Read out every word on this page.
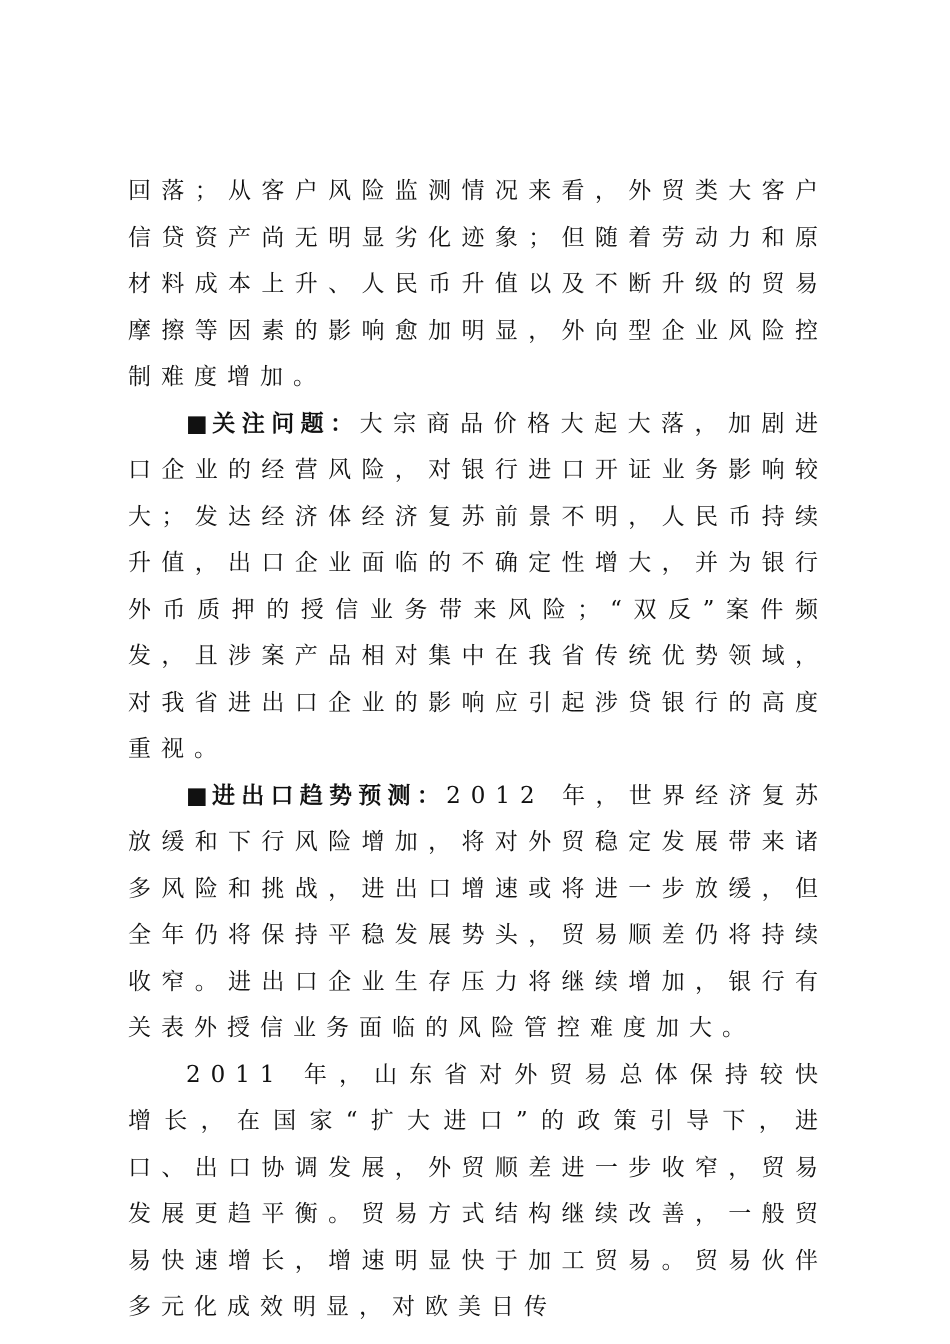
回落；从客户风险监测情况来看，外贸类大客户信贷资产尚无明显劣化迹象；但随着劳动力和原材料成本上升、人民币升值以及不断升级的贸易摩擦等因素的影响愈加明显，外向型企业风险控制难度增加。

■关注问题：大宗商品价格大起大落，加剧进口企业的经营风险，对银行进口开证业务影响较大；发达经济体经济复苏前景不明，人民币持续升值，出口企业面临的不确定性增大，并为银行外币质押的授信业务带来风险；“双反”案件频发，且涉案产品相对集中在我省传统优势领域，对我省进出口企业的影响应引起涉贷银行的高度重视。

■进出口趋势预测：2012 年，世界经济复苏放缓和下行风险增加，将对外贸稳定发展带来诸多风险和挑战，进出口增速或将进一步放缓，但全年仍将保持平稳发展势头，贸易顺差仍将持续收窄。进出口企业生存压力将继续增加，银行有关表外授信业务面临的风险管控难度加大。

2011 年，山东省对外贸易总体保持较快增长，在国家“扩大进口”的政策引导下，进口、出口协调发展，外贸顺差进一步收窄，贸易发展更趋平衡。贸易方式结构继续改善，一般贸易快速增长，增速明显快于加工贸易。贸易伙伴多元化成效明显，对欧美日传
